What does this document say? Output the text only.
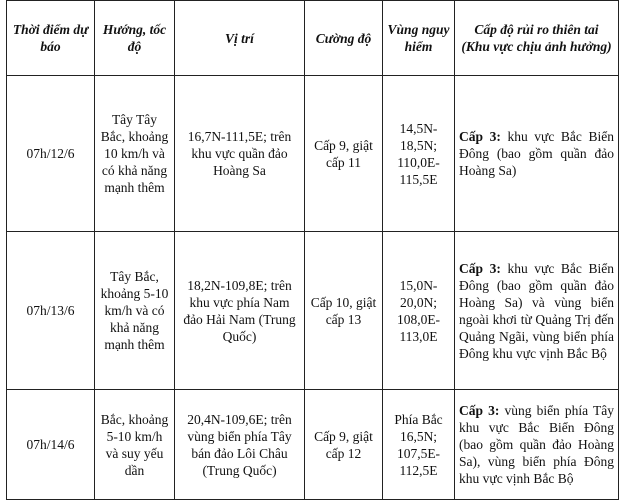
Thời điểm dự báo	Hướng, tốc độ	Vị trí	Cường độ	Vùng nguy hiểm	Cấp độ rủi ro thiên tai (Khu vực chịu ảnh hưởng)
07h/12/6	Tây Tây Bắc, khoảng 10 km/h và có khả năng mạnh thêm	16,7N-111,5E; trên khu vực quần đảo Hoàng Sa	Cấp 9, giật cấp 11	14,5N-18,5N; 110,0E-115,5E	Cấp 3: khu vực Bắc Biển Đông (bao gồm quần đảo Hoàng Sa)
07h/13/6	Tây Bắc, khoảng 5-10 km/h và có khả năng mạnh thêm	18,2N-109,8E; trên khu vực phía Nam đảo Hải Nam (Trung Quốc)	Cấp 10, giật cấp 13	15,0N-20,0N; 108,0E-113,0E	Cấp 3: khu vực Bắc Biển Đông (bao gồm quần đảo Hoàng Sa) và vùng biển ngoài khơi từ Quảng Trị đến Quảng Ngãi, vùng biển phía Đông khu vực vịnh Bắc Bộ
07h/14/6	Bắc, khoảng 5-10 km/h và suy yếu dần	20,4N-109,6E; trên vùng biển phía Tây bán đảo Lôi Châu (Trung Quốc)	Cấp 9, giật cấp 12	Phía Bắc 16,5N; 107,5E-112,5E	Cấp 3: vùng biển phía Tây khu vực Bắc Biển Đông (bao gồm quần đảo Hoàng Sa), vùng biển phía Đông khu vực vịnh Bắc Bộ
